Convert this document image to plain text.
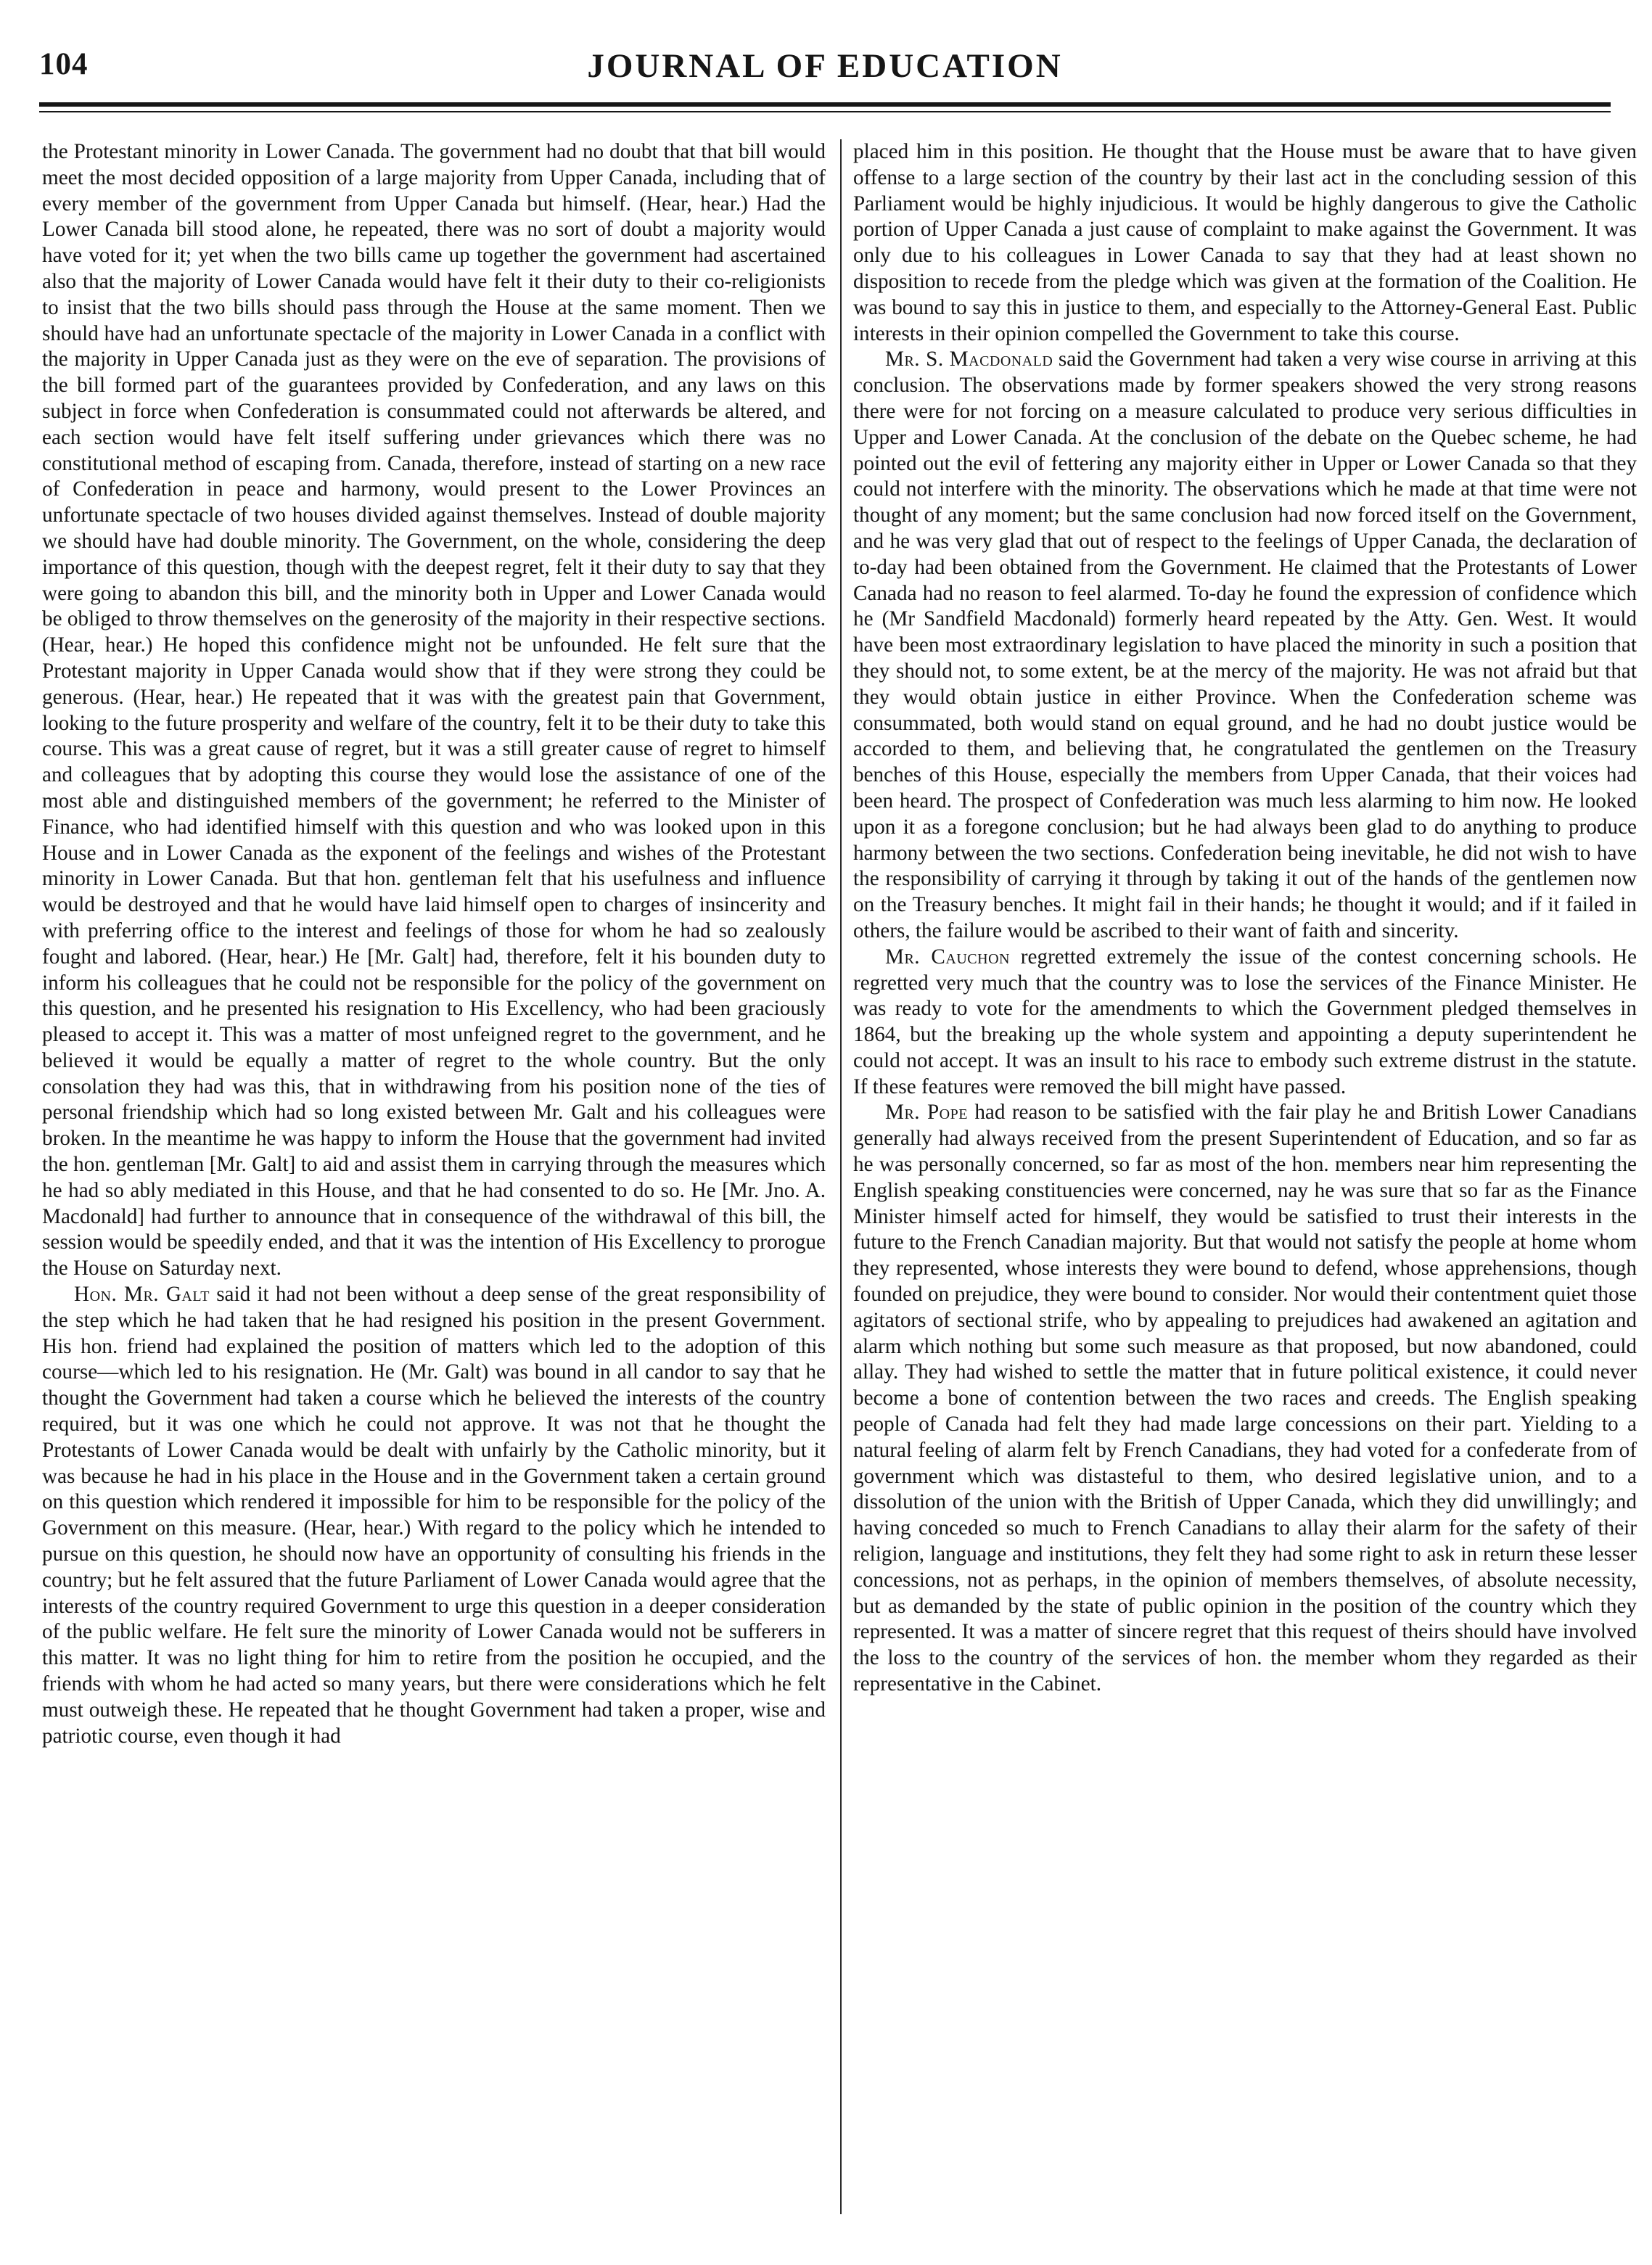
104	JOURNAL OF EDUCATION

the Protestant minority in Lower Canada. The government had no doubt that that bill would meet the most decided opposition of a large majority from Upper Canada, including that of every member of the government from Upper Canada but himself. (Hear, hear.) Had the Lower Canada bill stood alone, he repeated, there was no sort of doubt a majority would have voted for it; yet when the two bills came up together the government had ascertained also that the majority of Lower Canada would have felt it their duty to their co-religionists to insist that the two bills should pass through the House at the same moment. Then we should have had an unfortunate spectacle of the majority in Lower Canada in a conflict with the majority in Upper Canada just as they were on the eve of separation. The provisions of the bill formed part of the guarantees provided by Confederation, and any laws on this subject in force when Confederation is consummated could not afterwards be altered, and each section would have felt itself suffering under grievances which there was no constitutional method of escaping from. Canada, therefore, instead of starting on a new race of Confederation in peace and harmony, would present to the Lower Provinces an unfortunate spectacle of two houses divided against themselves. Instead of double majority we should have had double minority. The Government, on the whole, considering the deep importance of this question, though with the deepest regret, felt it their duty to say that they were going to abandon this bill, and the minority both in Upper and Lower Canada would be obliged to throw themselves on the generosity of the majority in their respective sections. (Hear, hear.) He hoped this confidence might not be unfounded. He felt sure that the Protestant majority in Upper Canada would show that if they were strong they could be generous. (Hear, hear.) He repeated that it was with the greatest pain that Government, looking to the future prosperity and welfare of the country, felt it to be their duty to take this course. This was a great cause of regret, but it was a still greater cause of regret to himself and colleagues that by adopting this course they would lose the assistance of one of the most able and distinguished members of the government; he referred to the Minister of Finance, who had identified himself with this question and who was looked upon in this House and in Lower Canada as the exponent of the feelings and wishes of the Protestant minority in Lower Canada. But that hon. gentleman felt that his usefulness and influence would be destroyed and that he would have laid himself open to charges of insincerity and with preferring office to the interest and feelings of those for whom he had so zealously fought and labored. (Hear, hear.) He [Mr. Galt] had, therefore, felt it his bounden duty to inform his colleagues that he could not be responsible for the policy of the government on this question, and he presented his resignation to His Excellency, who had been graciously pleased to accept it. This was a matter of most unfeigned regret to the government, and he believed it would be equally a matter of regret to the whole country. But the only consolation they had was this, that in withdrawing from his position none of the ties of personal friendship which had so long existed between Mr. Galt and his colleagues were broken. In the meantime he was happy to inform the House that the government had invited the hon. gentleman [Mr. Galt] to aid and assist them in carrying through the measures which he had so ably mediated in this House, and that he had consented to do so. He [Mr. Jno. A. Macdonald] had further to announce that in consequence of the withdrawal of this bill, the session would be speedily ended, and that it was the intention of His Excellency to prorogue the House on Saturday next.

Hon. Mr. Galt said it had not been without a deep sense of the great responsibility of the step which he had taken that he had resigned his position in the present Government. His hon. friend had explained the position of matters which led to the adoption of this course—which led to his resignation. He (Mr. Galt) was bound in all candor to say that he thought the Government had taken a course which he believed the interests of the country required, but it was one which he could not approve. It was not that he thought the Protestants of Lower Canada would be dealt with unfairly by the Catholic minority, but it was because he had in his place in the House and in the Government taken a certain ground on this question which rendered it impossible for him to be responsible for the policy of the Government on this measure. (Hear, hear.) With regard to the policy which he intended to pursue on this question, he should now have an opportunity of consulting his friends in the country; but he felt assured that the future Parliament of Lower Canada would agree that the interests of the country required Government to urge this question in a deeper consideration of the public welfare. He felt sure the minority of Lower Canada would not be sufferers in this matter. It was no light thing for him to retire from the position he occupied, and the friends with whom he had acted so many years, but there were considerations which he felt must outweigh these. He repeated that he thought Government had taken a proper, wise and patriotic course, even though it had

placed him in this position. He thought that the House must be aware that to have given offense to a large section of the country by their last act in the concluding session of this Parliament would be highly injudicious. It would be highly dangerous to give the Catholic portion of Upper Canada a just cause of complaint to make against the Government. It was only due to his colleagues in Lower Canada to say that they had at least shown no disposition to recede from the pledge which was given at the formation of the Coalition. He was bound to say this in justice to them, and especially to the Attorney-General East. Public interests in their opinion compelled the Government to take this course.

Mr. S. Macdonald said the Government had taken a very wise course in arriving at this conclusion. The observations made by former speakers showed the very strong reasons there were for not forcing on a measure calculated to produce very serious difficulties in Upper and Lower Canada. At the conclusion of the debate on the Quebec scheme, he had pointed out the evil of fettering any majority either in Upper or Lower Canada so that they could not interfere with the minority. The observations which he made at that time were not thought of any moment; but the same conclusion had now forced itself on the Government, and he was very glad that out of respect to the feelings of Upper Canada, the declaration of to-day had been obtained from the Government. He claimed that the Protestants of Lower Canada had no reason to feel alarmed. To-day he found the expression of confidence which he (Mr Sandfield Macdonald) formerly heard repeated by the Atty. Gen. West. It would have been most extraordinary legislation to have placed the minority in such a position that they should not, to some extent, be at the mercy of the majority. He was not afraid but that they would obtain justice in either Province. When the Confederation scheme was consummated, both would stand on equal ground, and he had no doubt justice would be accorded to them, and believing that, he congratulated the gentlemen on the Treasury benches of this House, especially the members from Upper Canada, that their voices had been heard. The prospect of Confederation was much less alarming to him now. He looked upon it as a foregone conclusion; but he had always been glad to do anything to produce harmony between the two sections. Confederation being inevitable, he did not wish to have the responsibility of carrying it through by taking it out of the hands of the gentlemen now on the Treasury benches. It might fail in their hands; he thought it would; and if it failed in others, the failure would be ascribed to their want of faith and sincerity.

Mr. Cauchon regretted extremely the issue of the contest concerning schools. He regretted very much that the country was to lose the services of the Finance Minister. He was ready to vote for the amendments to which the Government pledged themselves in 1864, but the breaking up the whole system and appointing a deputy superintendent he could not accept. It was an insult to his race to embody such extreme distrust in the statute. If these features were removed the bill might have passed.

Mr. Pope had reason to be satisfied with the fair play he and British Lower Canadians generally had always received from the present Superintendent of Education, and so far as he was personally concerned, so far as most of the hon. members near him representing the English speaking constituencies were concerned, nay he was sure that so far as the Finance Minister himself acted for himself, they would be satisfied to trust their interests in the future to the French Canadian majority. But that would not satisfy the people at home whom they represented, whose interests they were bound to defend, whose apprehensions, though founded on prejudice, they were bound to consider. Nor would their contentment quiet those agitators of sectional strife, who by appealing to prejudices had awakened an agitation and alarm which nothing but some such measure as that proposed, but now abandoned, could allay. They had wished to settle the matter that in future political existence, it could never become a bone of contention between the two races and creeds. The English speaking people of Canada had felt they had made large concessions on their part. Yielding to a natural feeling of alarm felt by French Canadians, they had voted for a confederate from of government which was distasteful to them, who desired legislative union, and to a dissolution of the union with the British of Upper Canada, which they did unwillingly; and having conceded so much to French Canadians to allay their alarm for the safety of their religion, language and institutions, they felt they had some right to ask in return these lesser concessions, not as perhaps, in the opinion of members themselves, of absolute necessity, but as demanded by the state of public opinion in the position of the country which they represented. It was a matter of sincere regret that this request of theirs should have involved the loss to the country of the services of hon. the member whom they regarded as their representative in the Cabinet.
